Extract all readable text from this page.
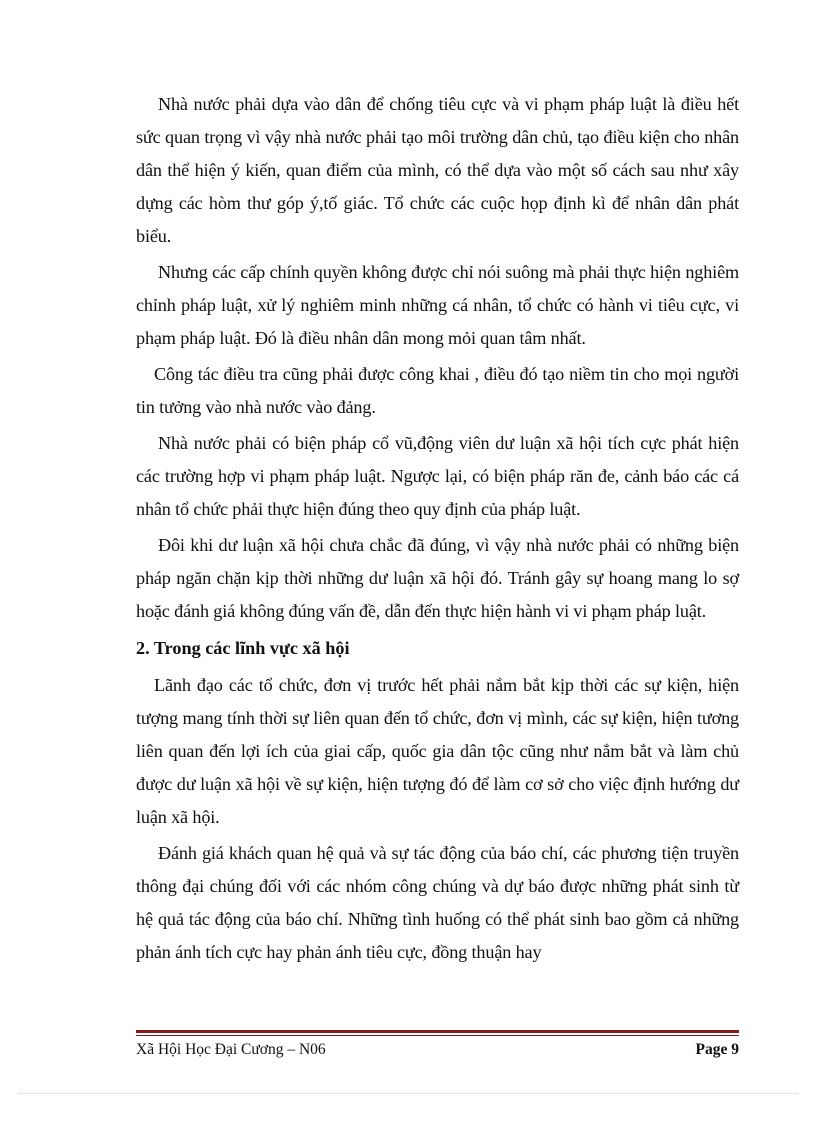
Nhà nước phải dựa vào dân để chống tiêu cực và vi phạm pháp luật là điều hết sức quan trọng vì vậy nhà nước phải tạo môi trường dân chủ, tạo điều kiện cho nhân dân thể hiện ý kiến, quan điểm của mình, có thể dựa vào một số cách sau như xây dựng các hòm thư góp ý,tố giác. Tổ chức các cuộc họp định kì để nhân dân phát biểu.

Nhưng các cấp chính quyền không được chỉ nói suông mà phải thực hiện nghiêm chỉnh pháp luật, xử lý nghiêm minh những cá nhân, tổ chức có hành vi tiêu cực, vi phạm pháp luật. Đó là điều nhân dân mong mỏi quan tâm nhất.

Công tác điều tra cũng phải được công khai , điều đó tạo niềm tin cho mọi người tin tưởng vào nhà nước vào đảng.

Nhà nước phải có biện pháp cổ vũ,động viên dư luận xã hội tích cực phát hiện các trường hợp vi phạm pháp luật. Ngược lại, có biện pháp răn đe, cảnh báo các cá nhân tổ chức phải thực hiện đúng theo quy định của pháp luật.

Đôi khi dư luận xã hội chưa chắc đã đúng, vì vậy nhà nước phải có những biện pháp ngăn chặn kịp thời những dư luận xã hội đó. Tránh gây sự hoang mang lo sợ hoặc đánh giá không đúng vấn đề, dẫn đến thực hiện hành vi vi phạm pháp luật.

2. Trong các lĩnh vực xã hội

Lãnh đạo các tổ chức, đơn vị trước hết phải nắm bắt kịp thời các sự kiện, hiện tượng mang tính thời sự liên quan đến tổ chức, đơn vị mình, các sự kiện, hiện tương liên quan đến lợi ích của giai cấp, quốc gia dân tộc cũng như nắm bắt và làm chủ được dư luận xã hội về sự kiện, hiện tượng đó để làm cơ sở cho việc định hướng dư luận xã hội.

Đánh giá khách quan hệ quả và sự tác động của báo chí, các phương tiện truyền thông đại chúng đối với các nhóm công chúng và dự báo được những phát sinh từ hệ quả tác động của báo chí. Những tình huống có thể phát sinh bao gồm cả những phản ánh tích cực hay phản ánh tiêu cực, đồng thuận hay

Xã Hội Học Đại Cương – N06	Page 9
